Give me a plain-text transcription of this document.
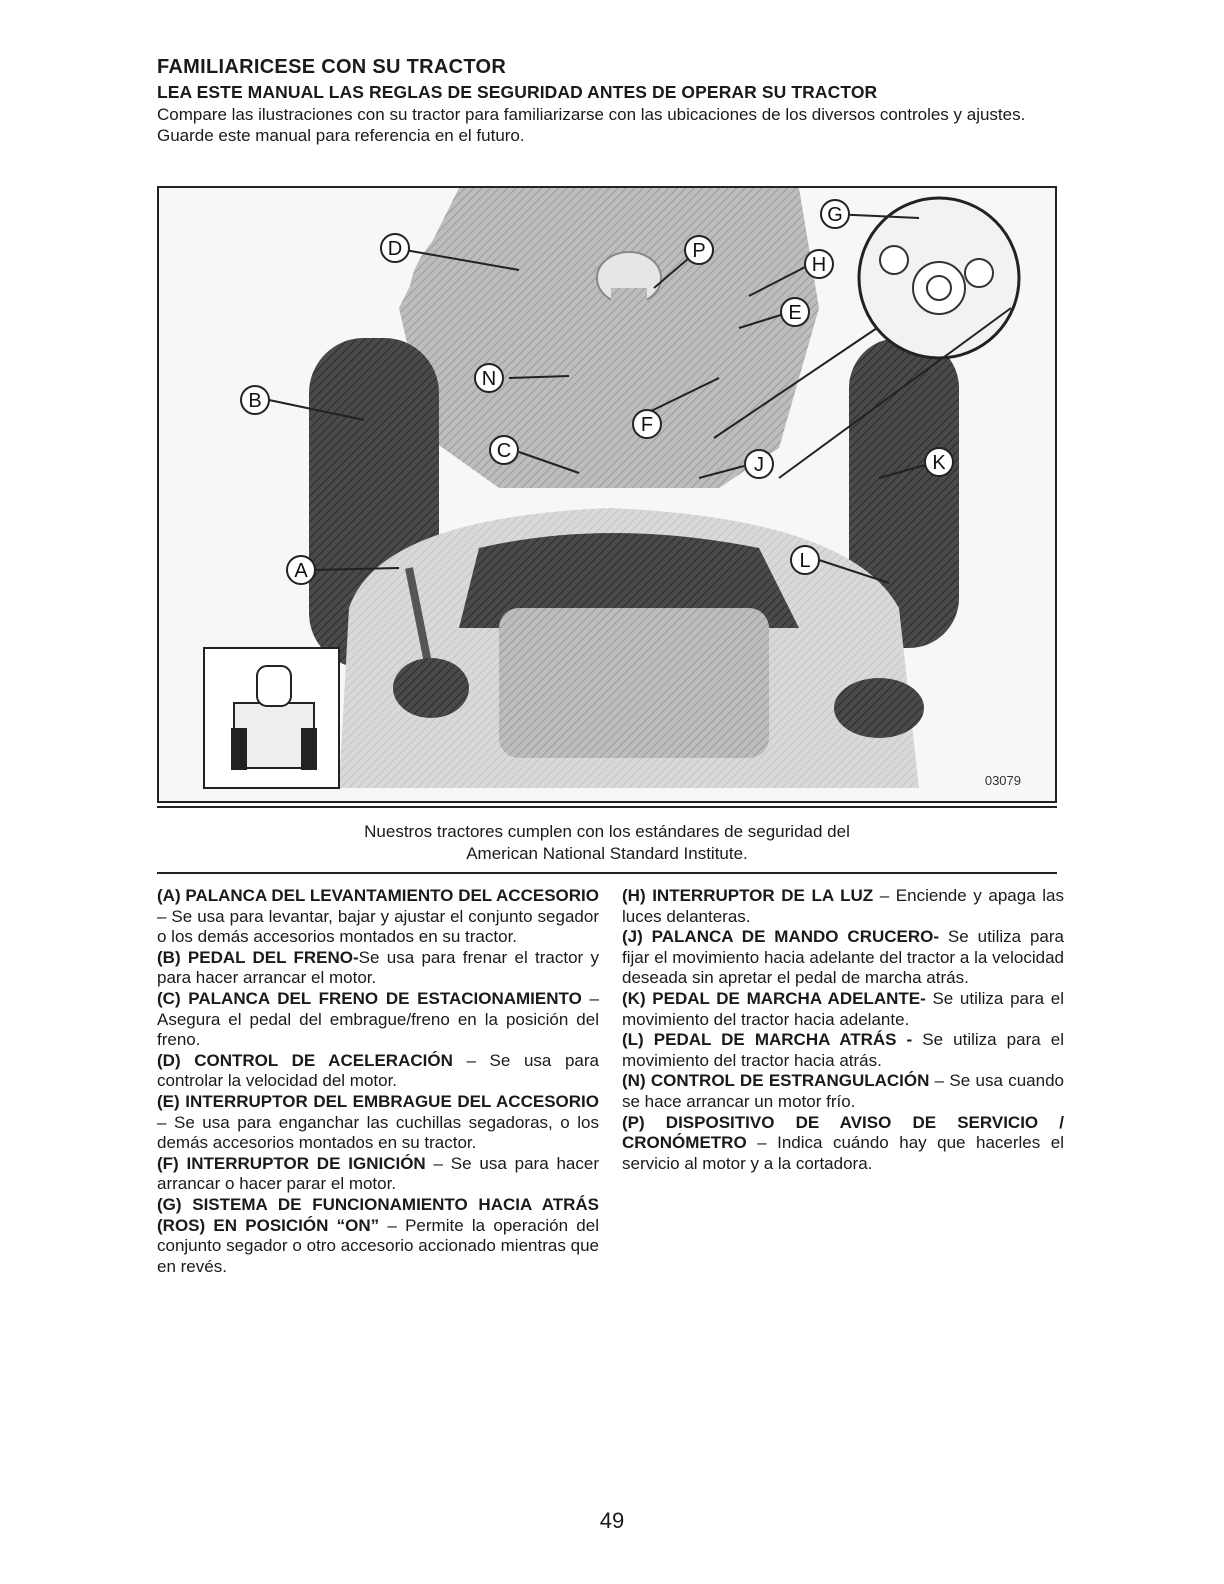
FAMILIARICESE CON SU TRACTOR
LEA ESTE MANUAL LAS REGLAS DE SEGURIDAD ANTES DE OPERAR SU TRACTOR
Compare las ilustraciones con su tractor para familiarizarse con las ubicaciones de los diversos controles y ajustes. Guarde este manual para referencia en el futuro.
D	P
G
H
E
B
N
F
C
J	K
A	L
03079
Nuestros tractores cumplen con los estándares de seguridad del
American National Standard Institute.

(A) PALANCA DEL LEVANTAMIENTO DEL ACCESORIO – Se usa para levantar, bajar y ajustar el conjunto segador o los demás accesorios montados en su tractor.

(B) PEDAL DEL FRENO-Se usa para frenar el tractor y para hacer arrancar el motor.

(C) PALANCA DEL FRENO DE ESTACIONAMIENTO – Asegura el pedal del embrague/freno en la posición del freno.

(D) CONTROL DE ACELERACIÓN – Se usa para controlar la velocidad del motor.

(E) INTERRUPTOR DEL EMBRAGUE DEL ACCESORIO – Se usa para enganchar las cuchillas segadoras, o los demás accesorios montados en su tractor.

(F) INTERRUPTOR DE IGNICIÓN – Se usa para hacer arrancar o hacer parar el motor.

(G) SISTEMA DE FUNCIONAMIENTO HACIA ATRÁS (ROS) EN POSICIÓN “ON” – Permite la operación del conjunto segador o otro accesorio accionado mientras que en revés.

(H) INTERRUPTOR DE LA LUZ – Enciende y apaga las luces delanteras.

(J) PALANCA DE MANDO CRUCERO- Se utiliza para fijar el movimiento hacia adelante del tractor a la velocidad deseada sin apretar el pedal de marcha atrás.

(K) PEDAL DE MARCHA ADELANTE- Se utiliza para el movimiento del tractor hacia adelante.

(L) PEDAL DE MARCHA ATRÁS - Se utiliza para el movimiento del tractor hacia atrás.

(N) CONTROL DE ESTRANGULACIÓN – Se usa cuando se hace arrancar un motor frío.

(P) DISPOSITIVO DE AVISO DE SERVICIO / CRONÓMETRO – Indica cuándo hay que hacerles el servicio al motor y a la cortadora.

49
